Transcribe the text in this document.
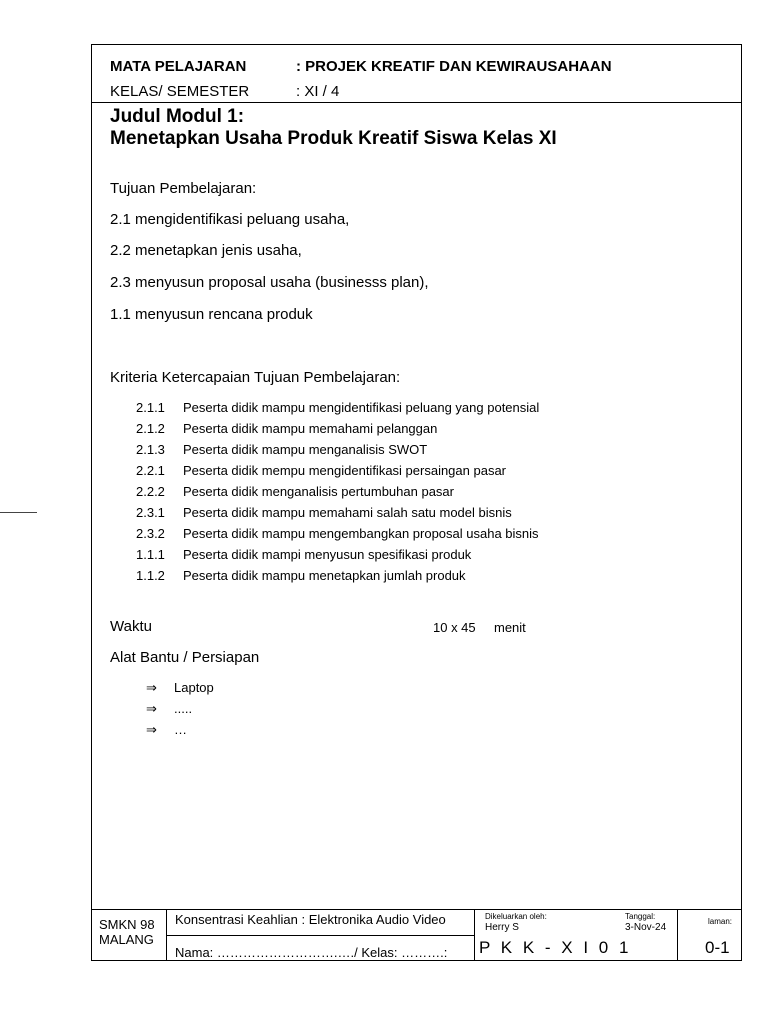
MATA PELAJARAN	: PROJEK KREATIF DAN KEWIRAUSAHAAN
KELAS/ SEMESTER	: XI / 4
Judul Modul 1:
Menetapkan Usaha Produk Kreatif Siswa Kelas XI
Tujuan Pembelajaran:
2.1 mengidentifikasi peluang usaha,
2.2 menetapkan jenis usaha,
2.3 menyusun proposal usaha (businesss plan),
1.1 menyusun rencana produk
Kriteria Ketercapaian Tujuan Pembelajaran:
2.1.1 Peserta didik mampu mengidentifikasi peluang yang potensial
2.1.2 Peserta didik mampu memahami pelanggan
2.1.3 Peserta didik mampu menganalisis SWOT
2.2.1 Peserta didik mempu mengidentifikasi persaingan pasar
2.2.2 Peserta didik menganalisis pertumbuhan pasar
2.3.1 Peserta didik mampu memahami salah satu model bisnis
2.3.2 Peserta didik mampu mengembangkan proposal usaha bisnis
1.1.1 Peserta didik mampi menyusun spesifikasi produk
1.1.2 Peserta didik mampu menetapkan jumlah produk
Waktu	10 x 45 menit
Alat Bantu / Persiapan
⇒ Laptop
⇒ .....
⇒ …
SMKN 98
MALANG
Konsentrasi Keahlian : Elektronika Audio Video
Nama: ……………………….…./ Kelas: ……….:
Dikeluarkan oleh:
Herry S
Tanggal:
3-Nov-24
P K K - X I 0 1
laman:
0-1
